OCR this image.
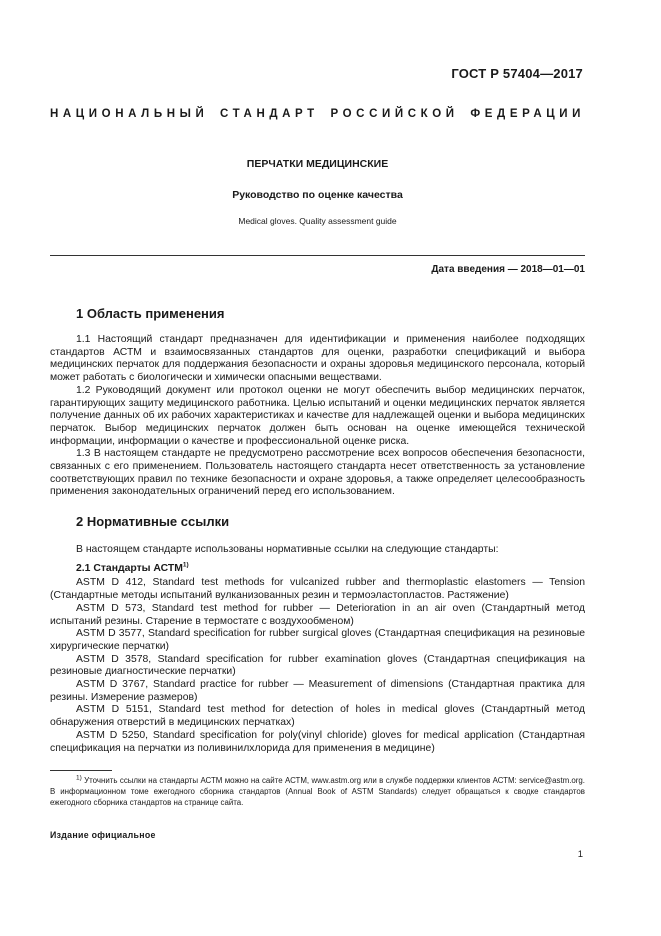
ГОСТ Р 57404—2017
НАЦИОНАЛЬНЫЙ СТАНДАРТ РОССИЙСКОЙ ФЕДЕРАЦИИ
ПЕРЧАТКИ МЕДИЦИНСКИЕ
Руководство по оценке качества
Medical gloves. Quality assessment guide
Дата введения — 2018—01—01
1 Область применения

1.1 Настоящий стандарт предназначен для идентификации и применения наиболее подходящих стандартов АСТМ и взаимосвязанных стандартов для оценки, разработки спецификаций и выбора медицинских перчаток для поддержания безопасности и охраны здоровья медицинского персонала, который может работать с биологически и химически опасными веществами.

1.2 Руководящий документ или протокол оценки не могут обеспечить выбор медицинских перчаток, гарантирующих защиту медицинского работника. Целью испытаний и оценки медицинских перчаток является получение данных об их рабочих характеристиках и качестве для надлежащей оценки и выбора медицинских перчаток. Выбор медицинских перчаток должен быть основан на оценке имеющейся технической информации, информации о качестве и профессиональной оценке риска.

1.3 В настоящем стандарте не предусмотрено рассмотрение всех вопросов обеспечения безопасности, связанных с его применением. Пользователь настоящего стандарта несет ответственность за установление соответствующих правил по технике безопасности и охране здоровья, а также определяет целесообразность применения законодательных ограничений перед его использованием.

2 Нормативные ссылки

В настоящем стандарте использованы нормативные ссылки на следующие стандарты:

2.1 Стандарты АСТМ$^{1)}$

ASTM D 412, Standard test methods for vulcanized rubber and thermoplastic elastomers — Tension (Стандартные методы испытаний вулканизованных резин и термоэластопластов. Растяжение)

ASTM D 573, Standard test method for rubber — Deterioration in an air oven (Стандартный метод испытаний резины. Старение в термостате с воздухообменом)

ASTM D 3577, Standard specification for rubber surgical gloves (Стандартная спецификация на резиновые хирургические перчатки)

ASTM D 3578, Standard specification for rubber examination gloves (Стандартная спецификация на резиновые диагностические перчатки)

ASTM D 3767, Standard practice for rubber — Measurement of dimensions (Стандартная практика для резины. Измерение размеров)

ASTM D 5151, Standard test method for detection of holes in medical gloves (Стандартный метод обнаружения отверстий в медицинских перчатках)

ASTM D 5250, Standard specification for poly(vinyl chloride) gloves for medical application (Стандартная спецификация на перчатки из поливинилхлорида для применения в медицине)

$^{1)}$ Уточнить ссылки на стандарты АСТМ можно на сайте АСТМ, www.astm.org или в службе поддержки клиентов АСТМ: service@astm.org. В информационном томе ежегодного сборника стандартов (Annual Book of ASTM Standards) следует обращаться к сводке стандартов ежегодного сборника стандартов на странице сайта.

Издание официальное
1
